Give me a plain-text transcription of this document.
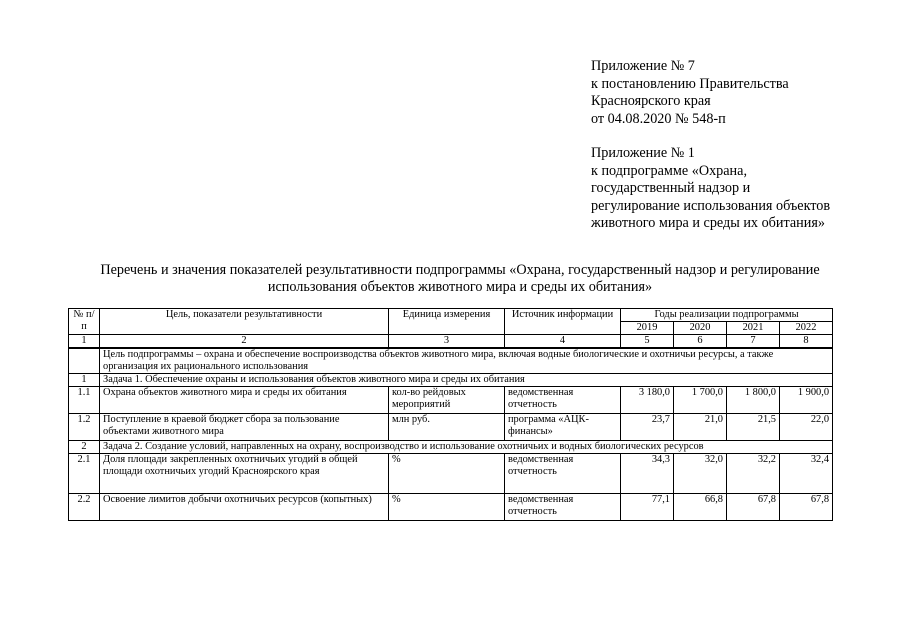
Приложение № 7
к постановлению Правительства
Красноярского края
от 04.08.2020 № 548-п
Приложение № 1
к подпрограмме «Охрана,
государственный надзор и
регулирование использования объектов
животного мира и среды их обитания»
Перечень и значения показателей результативности подпрограммы «Охрана, государственный надзор и регулирование
использования объектов животного мира и среды их обитания»
№ п/п	Цель, показатели результативности	Единица измерения	Источник информации	Годы реализации подпрограммы			
				2019	2020	2021	2022
1	2	3	4	5	6	7	8
	Цель подпрограммы – охрана и обеспечение воспроизводства объектов животного мира, включая водные биологические и охотничьи ресурсы, а также организация их рационального использования						
1	Задача 1. Обеспечение охраны и использования объектов животного мира и среды их обитания						
1.1	Охрана объектов животного мира и среды их обитания	кол-во рейдовых мероприятий	ведомственная отчетность	3 180,0	1 700,0	1 800,0	1 900,0
1.2	Поступление в краевой бюджет сбора за пользование объектами животного мира	млн руб.	программа «АЦК-финансы»	23,7	21,0	21,5	22,0
2	Задача 2. Создание условий, направленных на охрану, воспроизводство и использование охотничьих и водных биологических ресурсов						
2.1	Доля площади закрепленных охотничьих угодий в общей площади охотничьих угодий Красноярского края	%	ведомственная отчетность	34,3	32,0	32,2	32,4
2.2	Освоение лимитов добычи охотничьих ресурсов (копытных)	%	ведомственная отчетность	77,1	66,8	67,8	67,8
